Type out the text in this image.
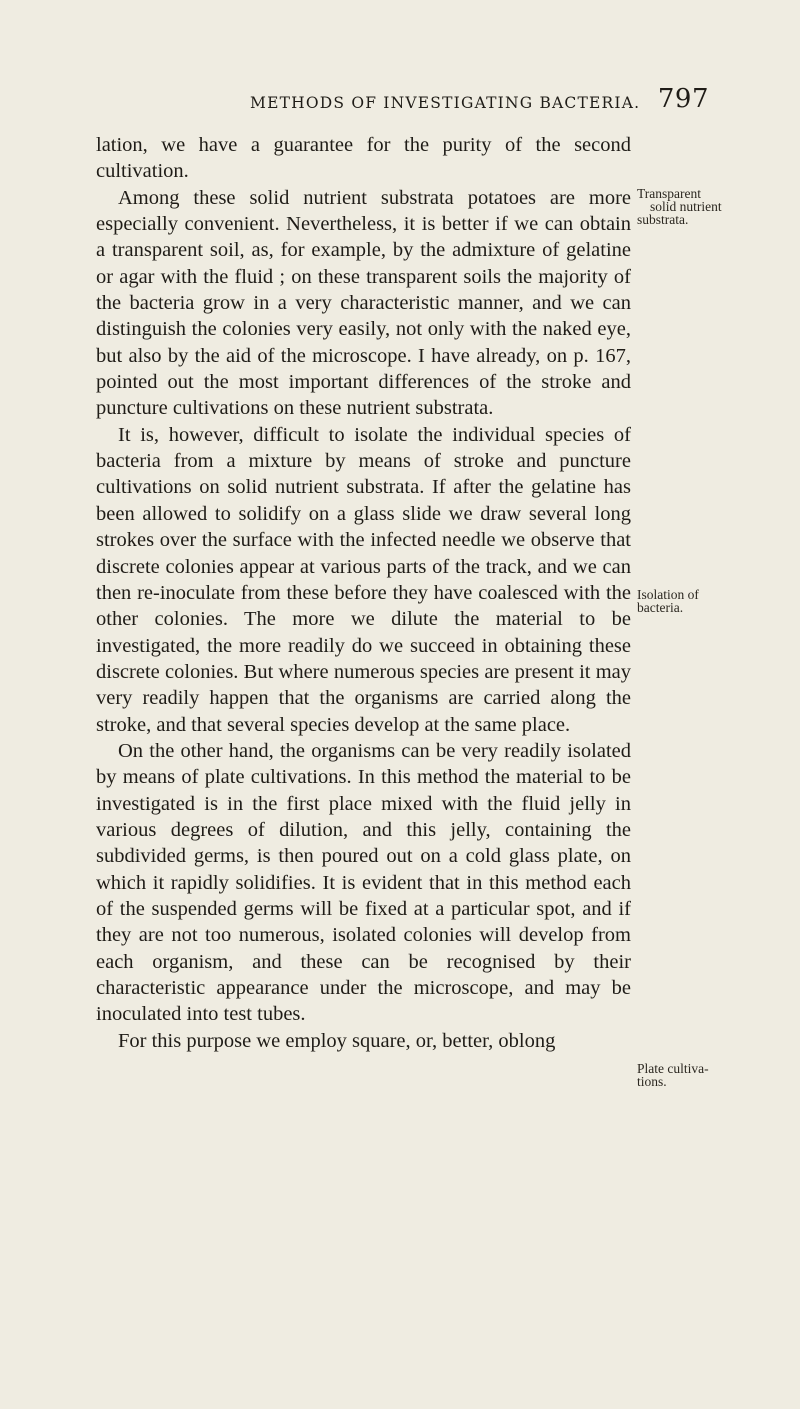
METHODS OF INVESTIGATING BACTERIA. 797

lation, we have a guarantee for the purity of the second cultivation.

Among these solid nutrient substrata potatoes are more especially convenient. Nevertheless, it is better if we can obtain a transparent soil, as, for example, by the admixture of gelatine or agar with the fluid ; on these transparent soils the majority of the bacteria grow in a very characteristic manner, and we can distinguish the colonies very easily, not only with the naked eye, but also by the aid of the microscope. I have already, on p. 167, pointed out the most important differences of the stroke and puncture cultivations on these nutrient substrata.

It is, however, difficult to isolate the individual species of bacteria from a mixture by means of stroke and puncture cultivations on solid nutrient substrata. If after the gelatine has been allowed to solidify on a glass slide we draw several long strokes over the surface with the infected needle we observe that discrete colonies appear at various parts of the track, and we can then re-inoculate from these before they have coalesced with the other colonies. The more we dilute the material to be investigated, the more readily do we succeed in obtaining these discrete colonies. But where numerous species are present it may very readily happen that the organisms are carried along the stroke, and that several species develop at the same place.

On the other hand, the organisms can be very readily isolated by means of plate cultivations. In this method the material to be investigated is in the first place mixed with the fluid jelly in various degrees of dilution, and this jelly, containing the subdivided germs, is then poured out on a cold glass plate, on which it rapidly solidifies. It is evident that in this method each of the suspended germs will be fixed at a particular spot, and if they are not too numerous, isolated colonies will develop from each organism, and these can be recognised by their characteristic appearance under the microscope, and may be inoculated into test tubes.

For this purpose we employ square, or, better, oblong

Transparent
solid nutrient
substrata.
Isolation of
bacteria.
Plate cultiva-
tions.
